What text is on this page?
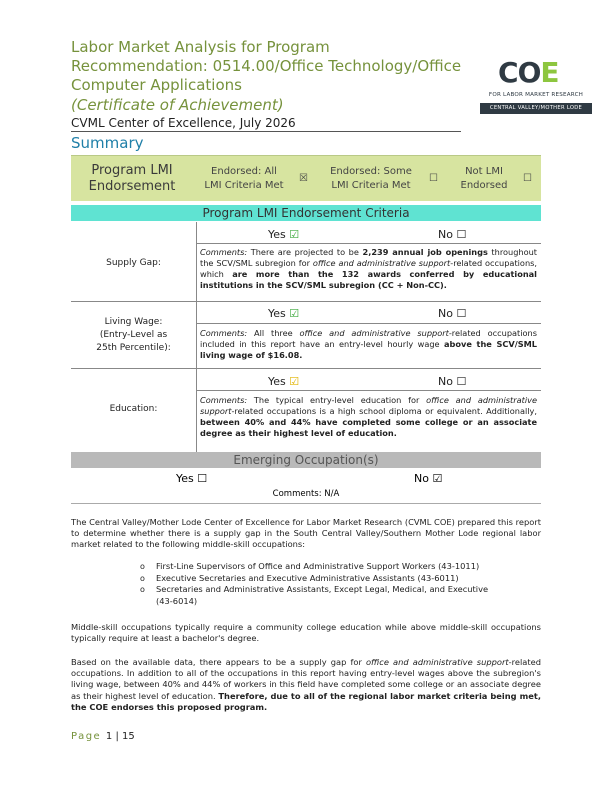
Labor Market Analysis for Program Recommendation: 0514.00/Office Technology/Office Computer Applications
(Certificate of Achievement)
CVML Center of Excellence, July 2026
Summary
COE
FOR LABOR MARKET RESEARCH
CENTRAL VALLEY/MOTHER LODE
Program LMI Endorsement
Endorsed: All
LMI Criteria Met
☒
Endorsed: Some
LMI Criteria Met
☐
Not LMI
Endorsed
☐
Program LMI Endorsement Criteria
Supply Gap:
Yes ☑	No ☐
Comments: There are projected to be 2,239 annual job openings throughout the SCV/SML subregion for office and administrative support-related occupations, which are more than the 132 awards conferred by educational institutions in the SCV/SML subregion (CC + Non-CC).
Living Wage:
(Entry-Level as
25th Percentile):
Yes ☑	No ☐
Comments: All three office and administrative support-related occupations included in this report have an entry-level hourly wage above the SCV/SML living wage of $16.08.
Education:
Yes ☑	No ☐
Comments: The typical entry-level education for office and administrative support-related occupations is a high school diploma or equivalent. Additionally, between 40% and 44% have completed some college or an associate degree as their highest level of education.
Emerging Occupation(s)
Yes ☐	No ☑
Comments: N/A
The Central Valley/Mother Lode Center of Excellence for Labor Market Research (CVML COE) prepared this report to determine whether there is a supply gap in the South Central Valley/Southern Mother Lode regional labor market related to the following middle-skill occupations:
o First-Line Supervisors of Office and Administrative Support Workers (43-1011)
o Executive Secretaries and Executive Administrative Assistants (43-6011)
o Secretaries and Administrative Assistants, Except Legal, Medical, and Executive (43-6014)
Middle-skill occupations typically require a community college education while above middle-skill occupations typically require at least a bachelor's degree.
Based on the available data, there appears to be a supply gap for office and administrative support-related occupations. In addition to all of the occupations in this report having entry-level wages above the subregion's living wage, between 40% and 44% of workers in this field have completed some college or an associate degree as their highest level of education. Therefore, due to all of the regional labor market criteria being met, the COE endorses this proposed program.
Page 1 | 15
